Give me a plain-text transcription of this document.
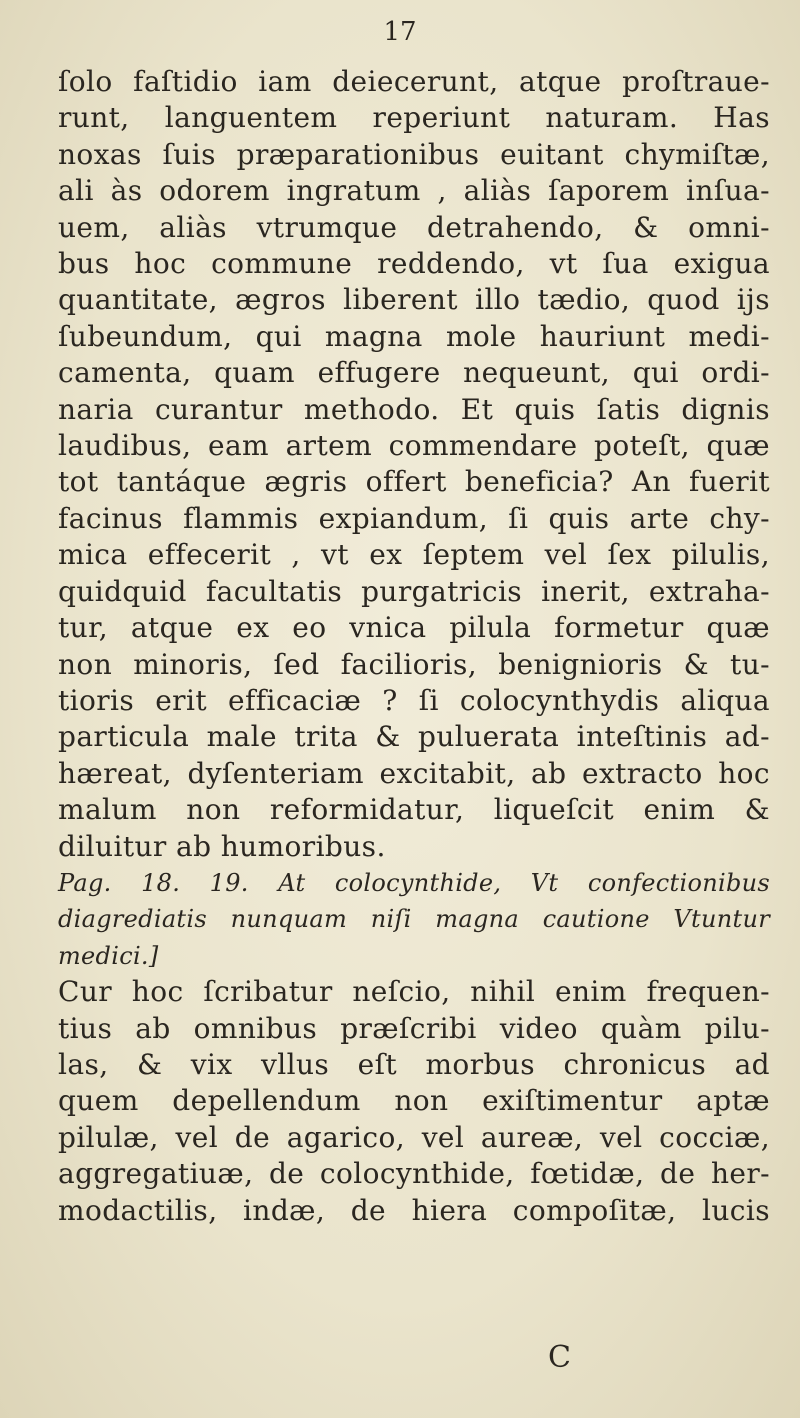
17
ſolo faſtidio iam deiecerunt, atque proſtraue-
runt, languentem reperiunt naturam. Has
noxas ſuis præparationibus euitant chymiſtæ,
ali às odorem ingratum , aliàs ſaporem inſua-
uem, aliàs vtrumque detrahendo, & omni-
bus hoc commune reddendo, vt ſua exigua
quantitate, ægros liberent illo tædio, quod ijs
ſubeundum, qui magna mole hauriunt medi-
camenta, quam effugere nequeunt, qui ordi-
naria curantur methodo. Et quis ſatis dignis
laudibus, eam artem commendare poteſt, quæ
tot tantáque ægris offert beneficia? An fuerit
facinus flammis expiandum, ſi quis arte chy-
mica effecerit , vt ex ſeptem vel ſex pilulis,
quidquid facultatis purgatricis inerit, extraha-
tur, atque ex eo vnica pilula formetur quæ
non minoris, ſed facilioris, benignioris & tu-
tioris erit efficaciæ ? ſi colocynthydis aliqua
particula male trita & puluerata inteſtinis ad-
hæreat, dyſenteriam excitabit, ab extracto hoc
malum non reformidatur, liqueſcit enim &
diluitur ab humoribus.
Pag. 18. 19. At colocynthide, Vt confectionibus
diagrediatis nunquam niſi magna cautione Vtuntur
medici.]
Cur hoc ſcribatur neſcio, nihil enim frequen-
tius ab omnibus præſcribi video quàm pilu-
las, & vix vllus eſt morbus chronicus ad
quem depellendum non exiſtimentur aptæ
pilulæ, vel de agarico, vel aureæ, vel cocciæ,
aggregatiuæ, de colocynthide, fœtidæ, de her-
modactilis, indæ, de hiera compoſitæ, lucis
C
